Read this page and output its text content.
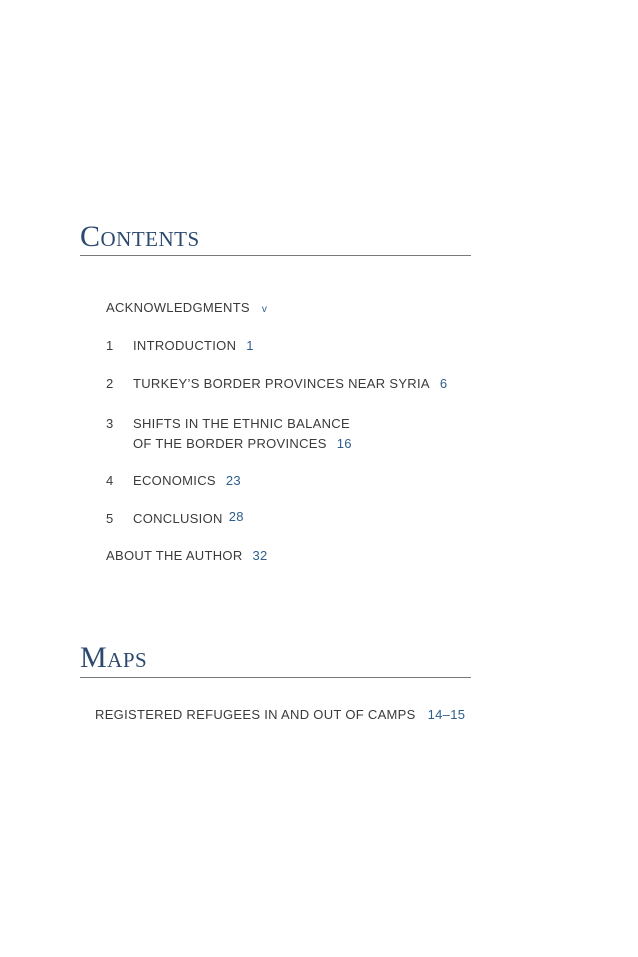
Contents
ACKNOWLEDGMENTS v
1 INTRODUCTION 1
2 TURKEY’S BORDER PROVINCES NEAR SYRIA 6
3 SHIFTS IN THE ETHNIC BALANCE
OF THE BORDER PROVINCES 16
4 ECONOMICS 23
5 CONCLUSION 28
ABOUT THE AUTHOR 32
Maps
REGISTERED REFUGEES IN AND OUT OF CAMPS 14–15
